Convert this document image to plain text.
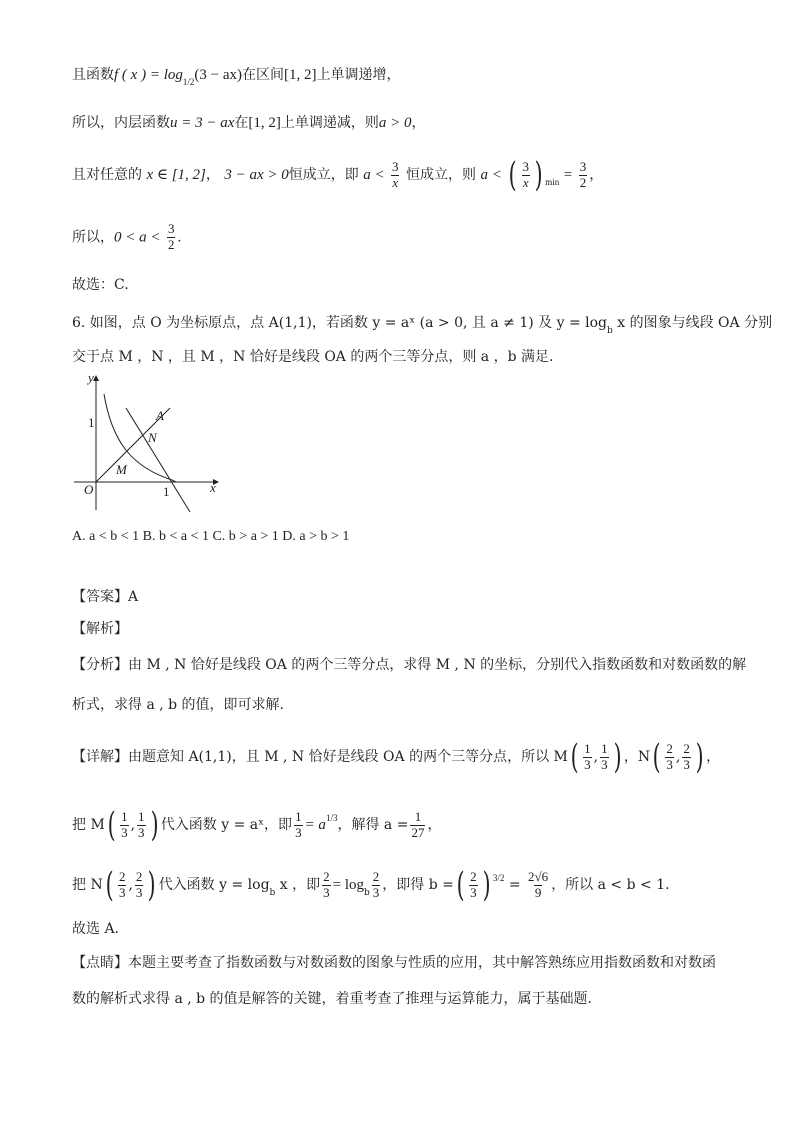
且函数f ( x ) = $\log_{1/2}(3 - ax)$在区间[1, 2]上单调递增，
所以，内层函数u = 3 − ax在[1, 2]上单调递减，则a > 0，
且对任意的 x ∈ [1, 2]， 3 − ax > 0恒成立，即 $a < \frac{3}{x}$ 恒成立，则 a < ( $\frac{3}{x}$ ) $_{min} = \frac{3}{2}$ ，
所以，$0 < a < \frac{3}{2}$ .
故选：C.
6. 如图，点 O 为坐标原点，点 A(1,1)，若函数 y = aˣ (a > 0, 且 a ≠ 1) 及 $y = \log_b x$ 的图象与线段 OA 分别
交于点 M ，N ，且 M ，N 恰好是线段 OA 的两个三等分点，则 a ，b 满足.
y
x
O
1
1
A
N
M
A. a < b < 1 B. b < a < 1 C. b > a > 1 D. a > b > 1
【答案】A
【解析】
【分析】由 M , N 恰好是线段 OA 的两个三等分点，求得 M , N 的坐标，分别代入指数函数和对数函数的解
析式，求得 a , b 的值，即可求解.
【详解】由题意知 A(1,1)，且 M , N 恰好是线段 OA 的两个三等分点，所以 $M( \frac{1}{3}$ , $\frac{1}{3}$ ) ，$N( \frac{2}{3}$ , $\frac{2}{3}$ ) ，
把 $M( \frac{1}{3}$ , $\frac{1}{3}$ ) 代入函数 y = aˣ，即 $\frac{1}{3} = a^{1/3}$，解得 $a = \frac{1}{27}$ ，
把 $N( \frac{2}{3}$ , $\frac{2}{3}$ ) 代入函数 $y = \log_b x$ ，即 $\frac{2}{3} = \log_b \frac{2}{3}$ ，即得 b =( $\frac{2}{3}$ ) $^{3/2} = \frac{2√6}{9}$ ，所以 a < b < 1.
故选 A.
【点睛】本题主要考查了指数函数与对数函数的图象与性质的应用，其中解答熟练应用指数函数和对数函
数的解析式求得 a , b 的值是解答的关键，着重考查了推理与运算能力，属于基础题.
